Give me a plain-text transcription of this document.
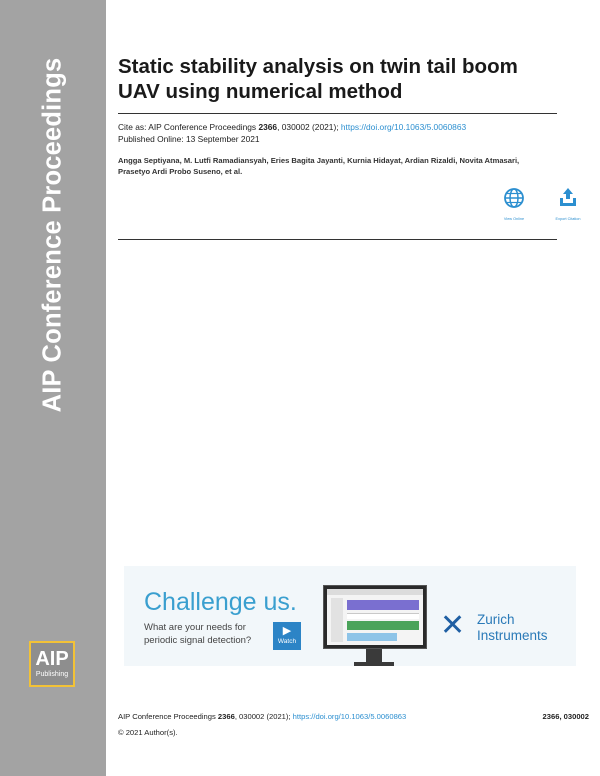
AIP Conference Proceedings
AIP
Publishing
Static stability analysis on twin tail boom
UAV using numerical method
Cite as: AIP Conference Proceedings 2366, 030002 (2021); https://doi.org/10.1063/5.0060863
Published Online: 13 September 2021
Angga Septiyana, M. Lutfi Ramadiansyah, Eries Bagita Jayanti, Kurnia Hidayat, Ardian Rizaldi, Novita Atmasari,
Prasetyo Ardi Probo Suseno, et al.
View Online	Export Citation
Challenge us.
What are your needs for
periodic signal detection?
▶
Watch	✕ Zurich
Instruments
AIP Conference Proceedings 2366, 030002 (2021); https://doi.org/10.1063/5.0060863	2366, 030002
© 2021 Author(s).
